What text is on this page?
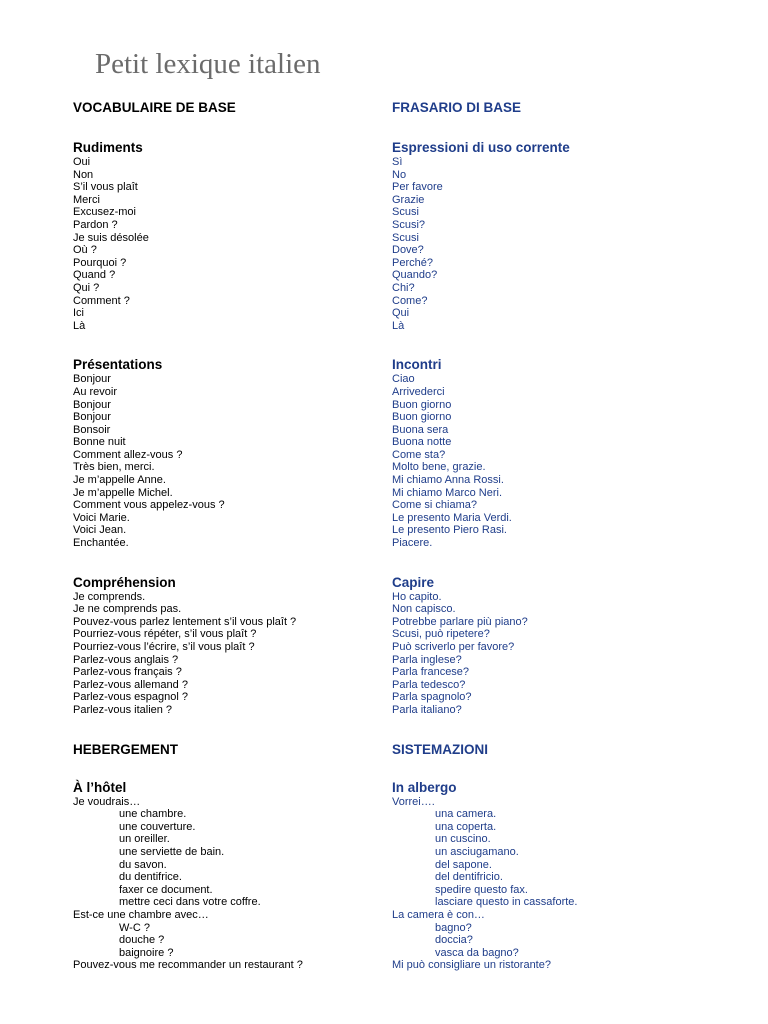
Petit lexique italien
VOCABULAIRE DE BASE
Rudiments
Oui
Non
S’il vous plaît
Merci
Excusez-moi
Pardon ?
Je suis désolée
Où ?
Pourquoi ?
Quand ?
Qui ?
Comment ?
Ici
Là
Présentations
Bonjour
Au revoir
Bonjour
Bonjour
Bonsoir
Bonne nuit
Comment allez-vous ?
Très bien, merci.
Je m’appelle Anne.
Je m’appelle Michel.
Comment vous appelez-vous ?
Voici Marie.
Voici Jean.
Enchantée.
Compréhension
Je comprends.
Je ne comprends pas.
Pouvez-vous parlez lentement s’il vous plaît ?
Pourriez-vous répéter, s’il vous plaît ?
Pourriez-vous l’écrire, s’il vous plaît ?
Parlez-vous anglais ?
Parlez-vous français ?
Parlez-vous allemand ?
Parlez-vous espagnol ?
Parlez-vous italien ?
HEBERGEMENT
À l’hôtel
Je voudrais…
une chambre.
une couverture.
un oreiller.
une serviette de bain.
du savon.
du dentifrice.
faxer ce document.
mettre ceci dans votre coffre.
Est-ce une chambre avec…
W-C ?
douche ?
baignoire ?
Pouvez-vous me recommander un restaurant ?
FRASARIO DI BASE
Espressioni di uso corrente
Sì
No
Per favore
Grazie
Scusi
Scusi?
Scusi
Dove?
Perché?
Quando?
Chi?
Come?
Qui
Là
Incontri
Ciao
Arrivederci
Buon giorno
Buon giorno
Buona sera
Buona notte
Come sta?
Molto bene, grazie.
Mi chiamo Anna Rossi.
Mi chiamo Marco Neri.
Come si chiama?
Le presento Maria Verdi.
Le presento Piero Rasi.
Piacere.
Capire
Ho capito.
Non capisco.
Potrebbe parlare più piano?
Scusi, può ripetere?
Può scriverlo per favore?
Parla inglese?
Parla francese?
Parla tedesco?
Parla spagnolo?
Parla italiano?
SISTEMAZIONI
In albergo
Vorrei….
una camera.
una coperta.
un cuscino.
un asciugamano.
del sapone.
del dentifricio.
spedire questo fax.
lasciare questo in cassaforte.
La camera è con…
bagno?
doccia?
vasca da bagno?
Mi può consigliare un ristorante?
